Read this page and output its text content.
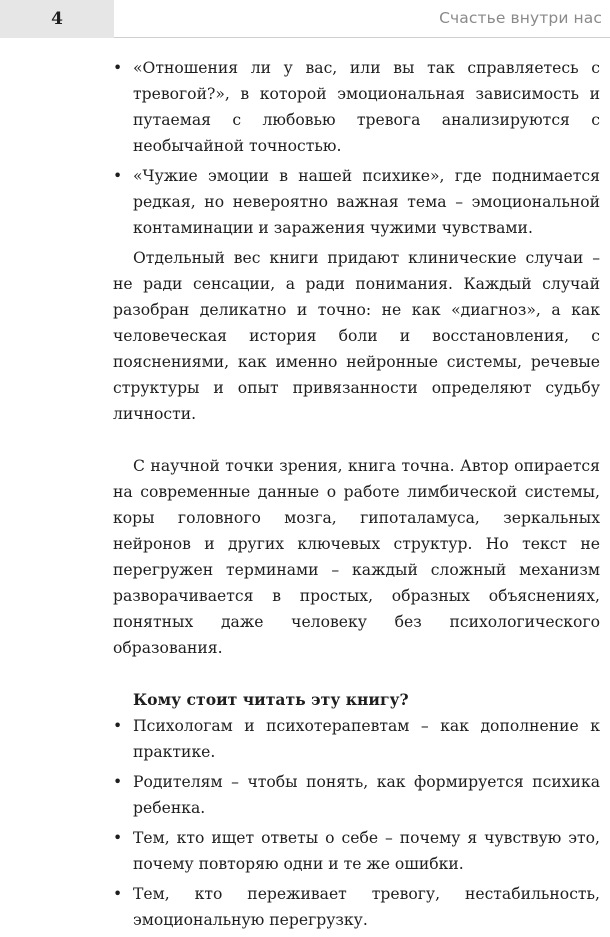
4	Счастье внутри нас
• «Отношения ли у вас, или вы так справляетесь с тревогой?», в которой эмоциональная зависимость и путаемая с любовью тревога анализируются с необычайной точностью.
• «Чужие эмоции в нашей психике», где поднимается редкая, но невероятно важная тема – эмоциональной контаминации и заражения чужими чувствами.

Отдельный вес книги придают клинические случаи – не ради сенсации, а ради понимания. Каждый случай разобран деликатно и точно: не как «диагноз», а как человеческая история боли и восстановления, с пояснениями, как именно нейронные системы, речевые структуры и опыт привязанности определяют судьбу личности.

С научной точки зрения, книга точна. Автор опирается на современные данные о работе лимбической системы, коры головного мозга, гипоталамуса, зеркальных нейронов и других ключевых структур. Но текст не перегружен терминами – каждый сложный механизм разворачивается в простых, образных объяснениях, понятных даже человеку без психологического образования.

Кому стоит читать эту книгу?

• Психологам и психотерапевтам – как дополнение к практике.
• Родителям – чтобы понять, как формируется психика ребенка.
• Тем, кто ищет ответы о себе – почему я чувствую это, почему повторяю одни и те же ошибки.
• Тем, кто переживает тревогу, нестабильность, эмоциональную перегрузку.
